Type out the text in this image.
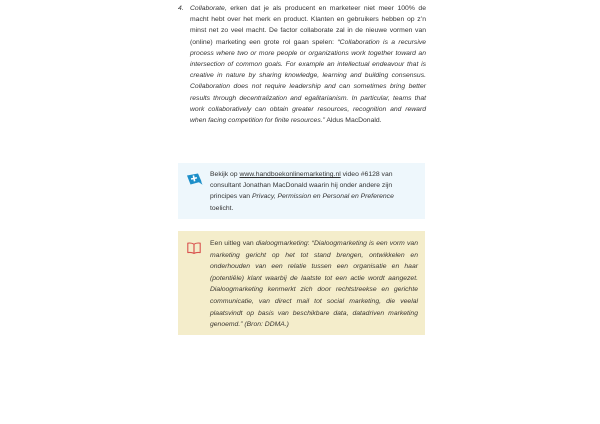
4. Collaborate, erken dat je als producent en marketeer niet meer 100% de macht hebt over het merk en product. Klanten en gebruikers hebben op z’n minst net zo veel macht. De factor collaborate zal in de nieuwe vormen van (online) marketing een grote rol gaan spelen: “Collaboration is a recursive process where two or more people or organizations work together toward an intersection of common goals. For example an intellectual endeavour that is creative in nature by sharing knowledge, learning and building consensus. Collaboration does not require leadership and can sometimes bring better results through decentralization and egalitarianism. In particular, teams that work collaboratively can obtain greater resources, recognition and reward when facing competition for finite resources.” Aldus MacDonald.

Bekijk op www.handboekonlinemarketing.nl video #6128 van consultant Jonathan MacDonald waarin hij onder andere zijn principes van Privacy, Permission en Personal en Preference toelicht.
Een uitleg van dialoogmarketing: “Dialoogmarketing is een vorm van marketing gericht op het tot stand brengen, ontwikkelen en onderhouden van een relatie tussen een organisatie en haar (potentiële) klant waarbij de laatste tot een actie wordt aangezet. Dialoogmarketing kenmerkt zich door rechtstreekse en gerichte communicatie, van direct mail tot social marketing, die veelal plaatsvindt op basis van beschikbare data, datadriven marketing genoemd.” (Bron: DDMA.)
